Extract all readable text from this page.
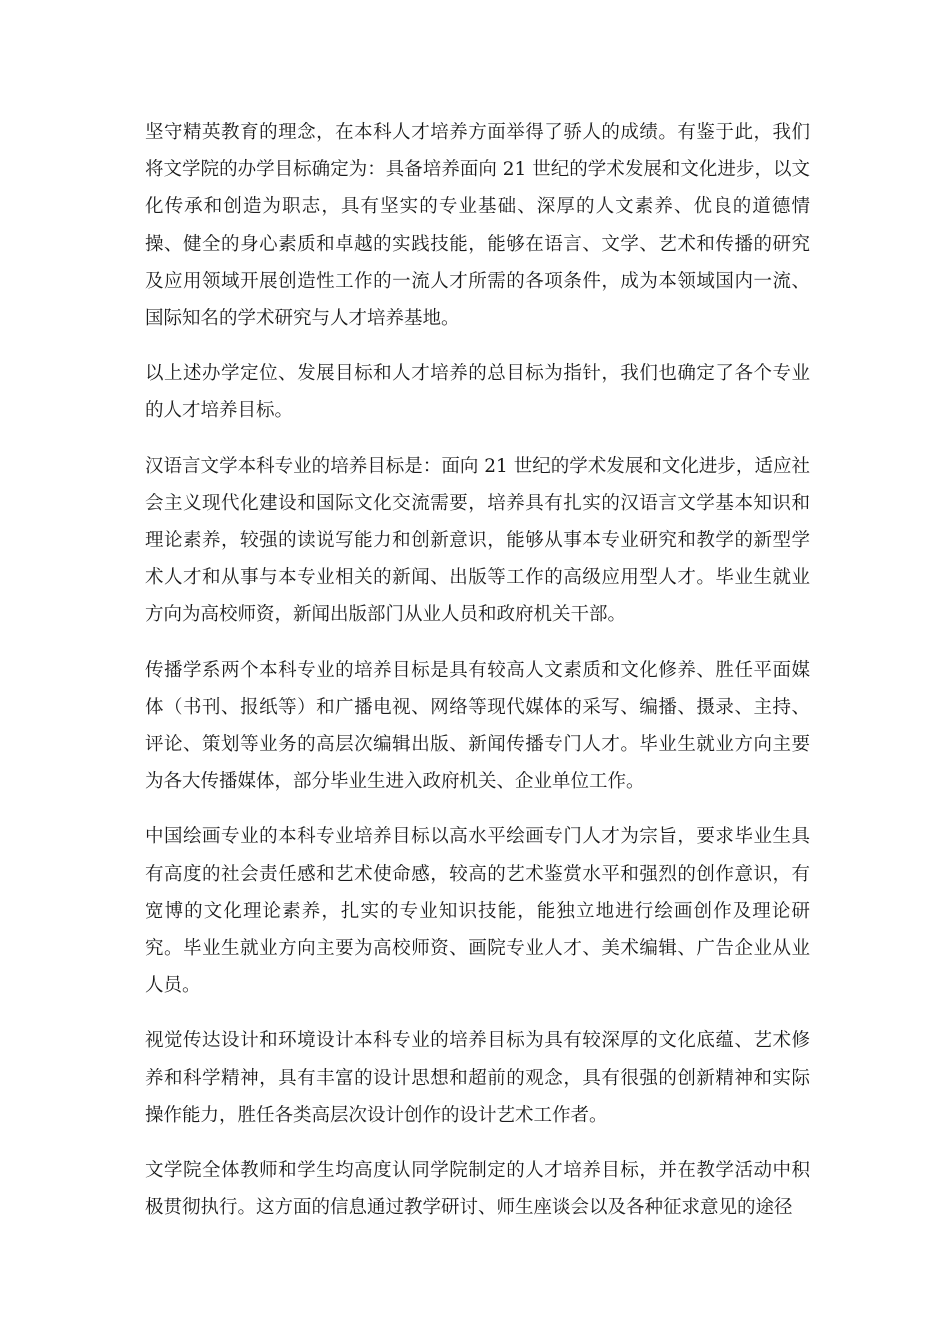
坚守精英教育的理念，在本科人才培养方面举得了骄人的成绩。有鉴于此，我们将文学院的办学目标确定为：具备培养面向 21 世纪的学术发展和文化进步，以文化传承和创造为职志，具有坚实的专业基础、深厚的人文素养、优良的道德情操、健全的身心素质和卓越的实践技能，能够在语言、文学、艺术和传播的研究及应用领域开展创造性工作的一流人才所需的各项条件，成为本领域国内一流、国际知名的学术研究与人才培养基地。

以上述办学定位、发展目标和人才培养的总目标为指针，我们也确定了各个专业的人才培养目标。

汉语言文学本科专业的培养目标是：面向 21 世纪的学术发展和文化进步，适应社会主义现代化建设和国际文化交流需要，培养具有扎实的汉语言文学基本知识和理论素养，较强的读说写能力和创新意识，能够从事本专业研究和教学的新型学术人才和从事与本专业相关的新闻、出版等工作的高级应用型人才。毕业生就业方向为高校师资，新闻出版部门从业人员和政府机关干部。

传播学系两个本科专业的培养目标是具有较高人文素质和文化修养、胜任平面媒体（书刊、报纸等）和广播电视、网络等现代媒体的采写、编播、摄录、主持、评论、策划等业务的高层次编辑出版、新闻传播专门人才。毕业生就业方向主要为各大传播媒体，部分毕业生进入政府机关、企业单位工作。

中国绘画专业的本科专业培养目标以高水平绘画专门人才为宗旨，要求毕业生具有高度的社会责任感和艺术使命感，较高的艺术鉴赏水平和强烈的创作意识，有宽博的文化理论素养，扎实的专业知识技能，能独立地进行绘画创作及理论研究。毕业生就业方向主要为高校师资、画院专业人才、美术编辑、广告企业从业人员。

视觉传达设计和环境设计本科专业的培养目标为具有较深厚的文化底蕴、艺术修养和科学精神，具有丰富的设计思想和超前的观念，具有很强的创新精神和实际操作能力，胜任各类高层次设计创作的设计艺术工作者。

文学院全体教师和学生均高度认同学院制定的人才培养目标，并在教学活动中积极贯彻执行。这方面的信息通过教学研讨、师生座谈会以及各种征求意见的途径
